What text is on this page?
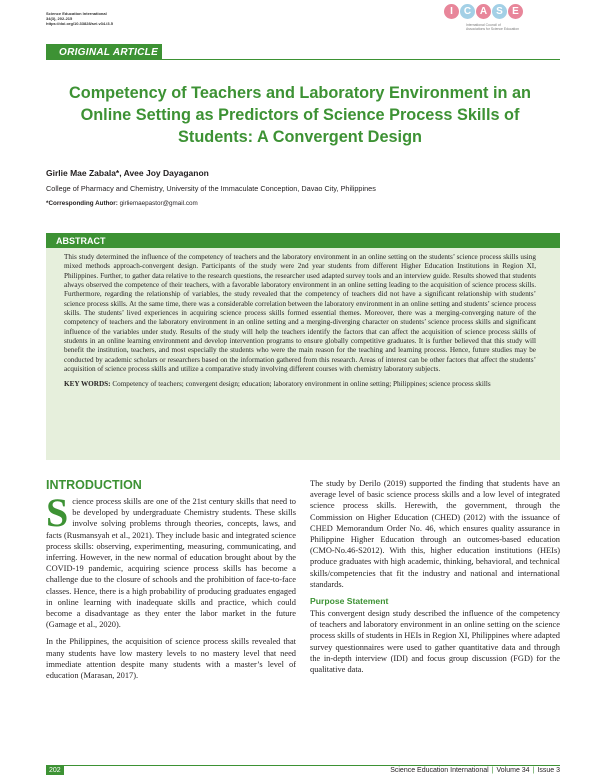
Science Education International
34(3), 202-215
https://doi.org/10.33828/sei.v34.i3.5
I	C A S E
International Council of
Associations for Science Education
ORIGINAL ARTICLE
Competency of Teachers and Laboratory Environment in an Online Setting as Predictors of Science Process Skills of Students: A Convergent Design
Girlie Mae Zabala*, Avee Joy Dayaganon
College of Pharmacy and Chemistry, University of the Immaculate Conception, Davao City, Philippines
*Corresponding Author: girliemaepastor@gmail.com
ABSTRACT

This study determined the influence of the competency of teachers and the laboratory environment in an online setting on the students’ science process skills using mixed methods approach-convergent design. Participants of the study were 2nd year students from different Higher Education Institutions in Region XI, Philippines. Further, to gather data relative to the research questions, the researcher used adapted survey tools and an interview guide. Results showed that students always observed the competence of their teachers, with a favorable laboratory environment in an online setting leading to the acquisition of science process skills. Furthermore, regarding the relationship of variables, the study revealed that the competency of teachers did not have a significant relationship with students’ science process skills. At the same time, there was a considerable correlation between the laboratory environment in an online setting and students’ science process skills. The students’ lived experiences in acquiring science process skills formed essential themes. Moreover, there was a merging-converging nature of the competency of teachers and the laboratory environment in an online setting and a merging-diverging character on students’ science process skills and significant influence of the variables under study. Results of the study will help the teachers identify the factors that can affect the acquisition of science process skills of students in an online learning environment and develop intervention programs to ensure globally competitive graduates. It is further believed that this study will benefit the institution, teachers, and most especially the students who were the main reason for the teaching and learning process. Hence, future studies may be conducted by academic scholars or researchers based on the information gathered from this research. Areas of interest can be other factors that affect the students’ acquisition of science process skills and utilize a comparative study involving different courses with chemistry laboratory subjects.

KEY WORDS: Competency of teachers; convergent design; education; laboratory environment in online setting; Philippines; science process skills

INTRODUCTION

Science process skills are one of the 21st century skills that need to be developed by undergraduate Chemistry students. These skills involve solving problems through theories, concepts, laws, and facts (Rusmansyah et al., 2021). They include basic and integrated science process skills: observing, experimenting, measuring, communicating, and inferring. However, in the new normal of education brought about by the COVID-19 pandemic, acquiring science process skills has become a challenge due to the closure of schools and the prohibition of face-to-face classes. Hence, there is a high probability of producing graduates engaged in online learning with inadequate skills and practice, which could become a disadvantage as they enter the labor market in the future (Gamage et al., 2020).

In the Philippines, the acquisition of science process skills revealed that many students have low mastery levels to no mastery level that need immediate attention despite many students with a master’s level of education (Marasan, 2017).

The study by Derilo (2019) supported the finding that students have an average level of basic science process skills and a low level of integrated science process skills. Herewith, the government, through the Commission on Higher Education (CHED) (2012) with the issuance of CHED Memorandum Order No. 46, which ensures quality assurance in Philippine Higher Education through an outcomes-based education (CMO-No.46-S2012). With this, higher education institutions (HEIs) produce graduates with high academic, thinking, behavioral, and technical skills/competencies that fit the industry and national and international standards.

Purpose Statement

This convergent design study described the influence of the competency of teachers and laboratory environment in an online setting on the science process skills of students in HEIs in Region XI, Philippines where adapted survey questionnaires were used to gather quantitative data and through the in-depth interview (IDI) and focus group discussion (FGD) for the qualitative data.

202	Science Education International | Volume 34 | Issue 3
